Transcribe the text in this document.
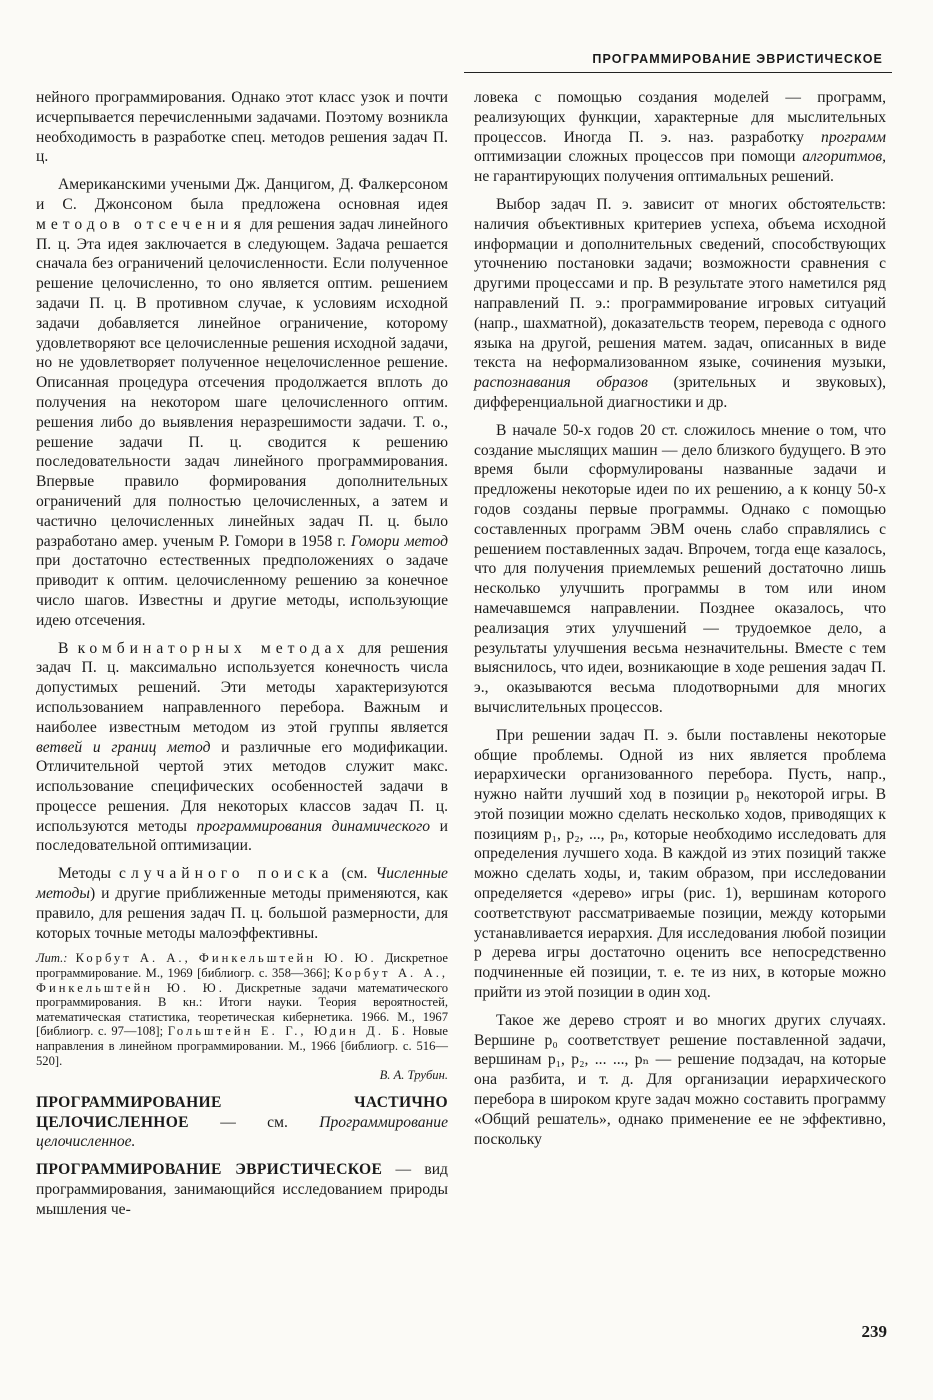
ПРОГРАММИРОВАНИЕ ЭВРИСТИЧЕСКОЕ

нейного программирования. Однако этот класс узок и почти исчерпывается перечисленными задачами. Поэтому возникла необходимость в разработке спец. методов решения задач П. ц.

Американскими учеными Дж. Данцигом, Д. Фалкерсоном и С. Джонсоном была предложена основная идея методов отсечения для решения задач линейного П. ц. Эта идея заключается в следующем. Задача решается сначала без ограничений целочисленности. Если полученное решение целочисленно, то оно является оптим. решением задачи П. ц. В противном случае, к условиям исходной задачи добавляется линейное ограничение, которому удовлетворяют все целочисленные решения исходной задачи, но не удовлетворяет полученное нецелочисленное решение. Описанная процедура отсечения продолжается вплоть до получения на некотором шаге целочисленного оптим. решения либо до выявления неразрешимости задачи. Т. о., решение задачи П. ц. сводится к решению последовательности задач линейного программирования. Впервые правило формирования дополнительных ограничений для полностью целочисленных, а затем и частично целочисленных линейных задач П. ц. было разработано амер. ученым Р. Гомори в 1958 г. Гомори метод при достаточно естественных предположениях о задаче приводит к оптим. целочисленному решению за конечное число шагов. Известны и другие методы, использующие идею отсечения.

В комбинаторных методах для решения задач П. ц. максимально используется конечность числа допустимых решений. Эти методы характеризуются использованием направленного перебора. Важным и наиболее известным методом из этой группы является ветвей и границ метод и различные его модификации. Отличительной чертой этих методов служит макс. использование специфических особенностей задачи в процессе решения. Для некоторых классов задач П. ц. используются методы программирования динамического и последовательной оптимизации.

Методы случайного поиска (см. Численные методы) и другие приближенные методы применяются, как правило, для решения задач П. ц. большой размерности, для которых точные методы малоэффективны.

Лит.: Корбут А. А., Финкельштейн Ю. Ю. Дискретное программирование. М., 1969 [библиогр. с. 358—366]; Корбут А. А., Финкельштейн Ю. Ю. Дискретные задачи математического программирования. В кн.: Итоги науки. Теория вероятностей, математическая статистика, теоретическая кибернетика. 1966. М., 1967 [библиогр. с. 97—108]; Гольштейн Е. Г., Юдин Д. Б. Новые направления в линейном программировании. М., 1966 [библиогр. с. 516—520].
В. А. Трубин.

ПРОГРАММИРОВАНИЕ ЧАСТИЧНО ЦЕЛОЧИСЛЕННОЕ — см. Программирование целочисленное.

ПРОГРАММИРОВАНИЕ ЭВРИСТИЧЕСКОЕ — вид программирования, занимающийся исследованием природы мышления че-

ловека с помощью создания моделей — программ, реализующих функции, характерные для мыслительных процессов. Иногда П. э. наз. разработку программ оптимизации сложных процессов при помощи алгоритмов, не гарантирующих получения оптимальных решений.

Выбор задач П. э. зависит от многих обстоятельств: наличия объективных критериев успеха, объема исходной информации и дополнительных сведений, способствующих уточнению постановки задачи; возможности сравнения с другими процессами и пр. В результате этого наметился ряд направлений П. э.: программирование игровых ситуаций (напр., шахматной), доказательств теорем, перевода с одного языка на другой, решения матем. задач, описанных в виде текста на неформализованном языке, сочинения музыки, распознавания образов (зрительных и звуковых), дифференциальной диагностики и др.

В начале 50-х годов 20 ст. сложилось мнение о том, что создание мыслящих машин — дело близкого будущего. В это время были сформулированы названные задачи и предложены некоторые идеи по их решению, а к концу 50-х годов созданы первые программы. Однако с помощью составленных программ ЭВМ очень слабо справлялись с решением поставленных задач. Впрочем, тогда еще казалось, что для получения приемлемых решений достаточно лишь несколько улучшить программы в том или ином намечавшемся направлении. Позднее оказалось, что реализация этих улучшений — трудоемкое дело, а результаты улучшения весьма незначительны. Вместе с тем выяснилось, что идеи, возникающие в ходе решения задач П. э., оказываются весьма плодотворными для многих вычислительных процессов.

При решении задач П. э. были поставлены некоторые общие проблемы. Одной из них является проблема иерархически организованного перебора. Пусть, напр., нужно найти лучший ход в позиции p₀ некоторой игры. В этой позиции можно сделать несколько ходов, приводящих к позициям p₁, p₂, ..., pₙ, которые необходимо исследовать для определения лучшего хода. В каждой из этих позиций также можно сделать ходы, и, таким образом, при исследовании определяется «дерево» игры (рис. 1), вершинам которого соответствуют рассматриваемые позиции, между которыми устанавливается иерархия. Для исследования любой позиции p дерева игры достаточно оценить все непосредственно подчиненные ей позиции, т. е. те из них, в которые можно прийти из этой позиции в один ход.

Такое же дерево строят и во многих других случаях. Вершине p₀ соответствует решение поставленной задачи, вершинам p₁, p₂, ... ..., pₙ — решение подзадач, на которые она разбита, и т. д. Для организации иерархического перебора в широком круге задач можно составить программу «Общий решатель», однако применение ее не эффективно, поскольку

239
